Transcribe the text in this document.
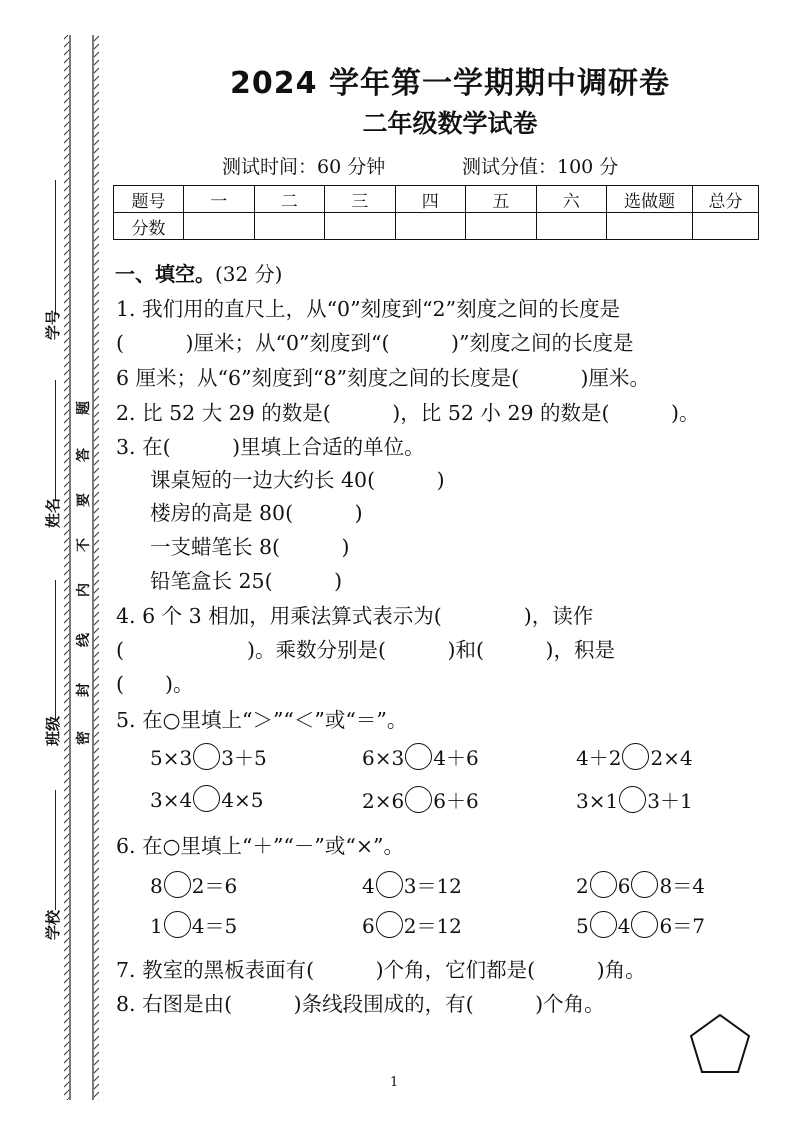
学号
姓名
班级
学校
题
答
要
不
内
线
封
密
2024 学年第一学期期中调研卷
二年级数学试卷
测试时间：60 分钟	测试分值：100 分
题号	一	二	三	四	五	六	选做题	总分
分数								
一、填空。(32 分)
1. 我们用的直尺上，从“0”刻度到“2”刻度之间的长度是
(　　　)厘米；从“0”刻度到“(　　　)”刻度之间的长度是
6 厘米；从“6”刻度到“8”刻度之间的长度是(　　　)厘米。
2. 比 52 大 29 的数是(　　　)，比 52 小 29 的数是(　　　)。
3. 在(　　　)里填上合适的单位。
课桌短的一边大约长 40(　　　)
楼房的高是 80(　　　)
一支蜡笔长 8(　　　)
铅笔盒长 25(　　　)
4. 6 个 3 相加，用乘法算式表示为(　　　　)，读作
(　　　　　　)。乘数分别是(　　　)和(　　　)，积是
(　　)。
5. 在○里填上“＞”“＜”或“＝”。
5×3 3＋5	6×3 4＋6	4＋2 2×4
3×4 4×5	2×6 6＋6	3×1 3＋1
6. 在○里填上“＋”“－”或“×”。
8 2＝6	4 3＝12	2 6 8＝4
1 4＝5	6 2＝12	5 4 6＝7
7. 教室的黑板表面有(　　　)个角，它们都是(　　　)角。
8. 右图是由(　　　)条线段围成的，有(　　　)个角。
1
